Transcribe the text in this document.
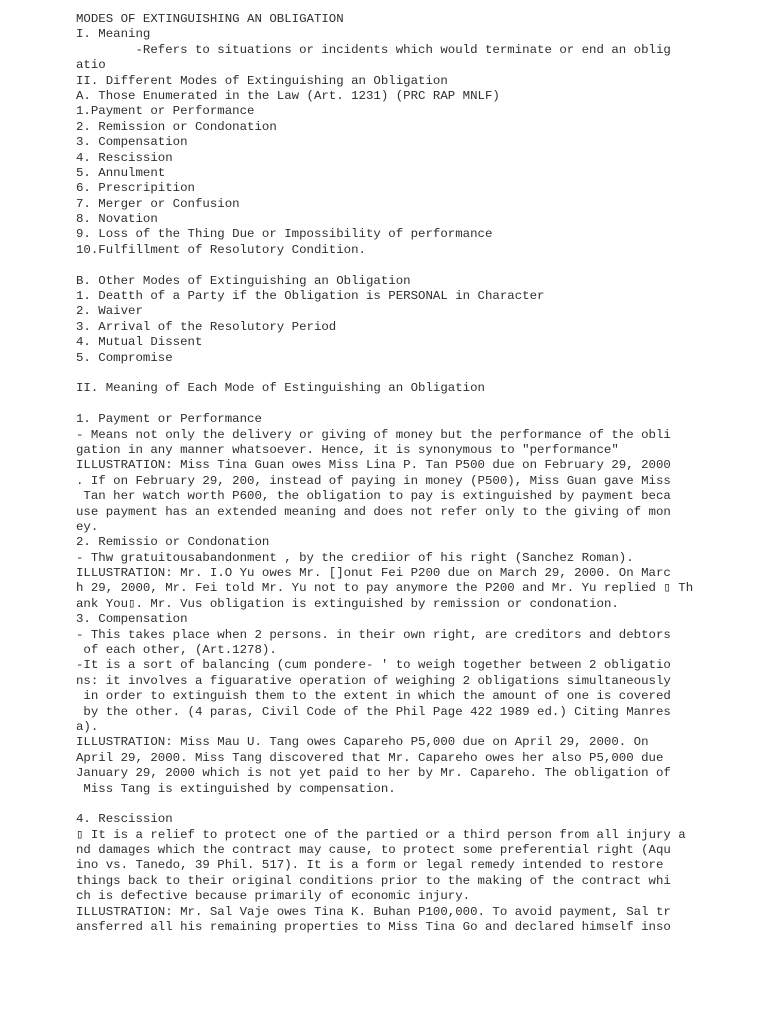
MODES OF EXTINGUISHING AN OBLIGATION
I. Meaning
-Refers to situations or incidents which would terminate or end an oblig
atio
II. Different Modes of Extinguishing an Obligation
A. Those Enumerated in the Law (Art. 1231) (PRC RAP MNLF)
1.Payment or Performance
2. Remission or Condonation
3. Compensation
4. Rescission
5. Annulment
6. Prescripition
7. Merger or Confusion
8. Novation
9. Loss of the Thing Due or Impossibility of performance
10.Fulfillment of Resolutory Condition.
B. Other Modes of Extinguishing an Obligation
1. Deatth of a Party if the Obligation is PERSONAL in Character
2. Waiver
3. Arrival of the Resolutory Period
4. Mutual Dissent
5. Compromise
II. Meaning of Each Mode of Estinguishing an Obligation
1. Payment or Performance
- Means not only the delivery or giving of money but the performance of the obli
gation in any manner whatsoever. Hence, it is synonymous to "performance"
ILLUSTRATION: Miss Tina Guan owes Miss Lina P. Tan P500 due on February 29, 2000
. If on February 29, 200, instead of paying in money (P500), Miss Guan gave Miss
Tan her watch worth P600, the obligation to pay is extinguished by payment beca
use payment has an extended meaning and does not refer only to the giving of mon
ey.
2. Remissio or Condonation
- Thw gratuitousabandonment , by the crediior of his right (Sanchez Roman).
ILLUSTRATION: Mr. I.O Yu owes Mr. []onut Fei P200 due on March 29, 2000. On Marc
h 29, 2000, Mr. Fei told Mr. Yu not to pay anymore the P200 and Mr. Yu replied ▯ Th
ank You▯. Mr. Vus obligation is extinguished by remission or condonation.
3. Compensation
- This takes place when 2 persons. in their own right, are creditors and debtors
of each other, (Art.1278).
-It is a sort of balancing (cum pondere- ' to weigh together between 2 obligatio
ns: it involves a figuarative operation of weighing 2 obligations simultaneously
in order to extinguish them to the extent in which the amount of one is covered
by the other. (4 paras, Civil Code of the Phil Page 422 1989 ed.) Citing Manres
a).
ILLUSTRATION: Miss Mau U. Tang owes Capareho P5,000 due on April 29, 2000. On
April 29, 2000. Miss Tang discovered that Mr. Capareho owes her also P5,000 due
January 29, 2000 which is not yet paid to her by Mr. Capareho. The obligation of
Miss Tang is extinguished by compensation.
4. Rescission
▯ It is a relief to protect one of the partied or a third person from all injury a
nd damages which the contract may cause, to protect some preferential right (Aqu
ino vs. Tanedo, 39 Phil. 517). It is a form or legal remedy intended to restore
things back to their original conditions prior to the making of the contract whi
ch is defective because primarily of economic injury.
ILLUSTRATION: Mr. Sal Vaje owes Tina K. Buhan P100,000. To avoid payment, Sal tr
ansferred all his remaining properties to Miss Tina Go and declared himself inso
